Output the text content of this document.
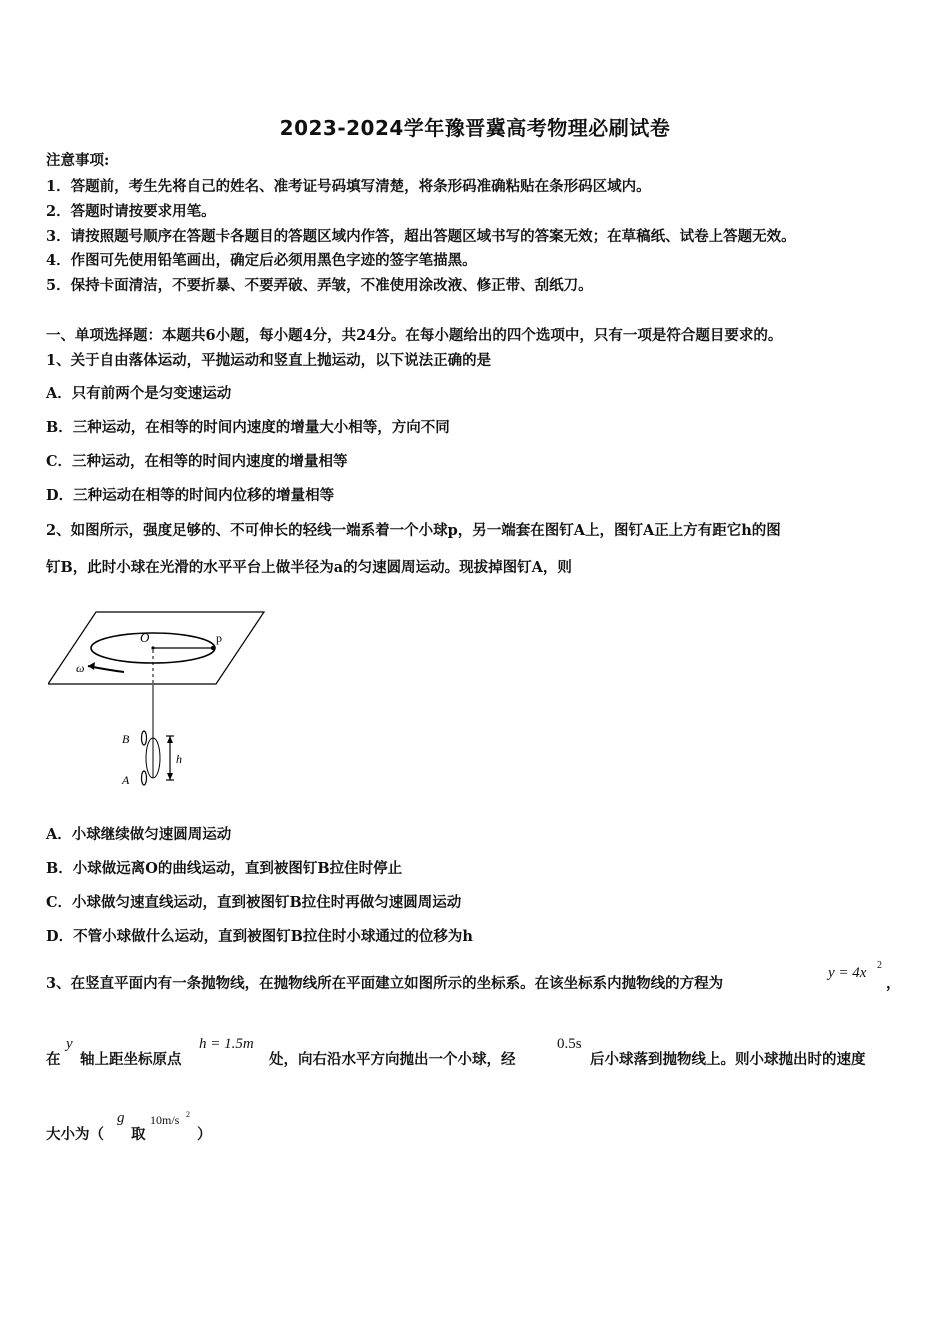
2023-2024学年豫晋冀高考物理必刷试卷
注意事项:
1．答题前，考生先将自己的姓名、准考证号码填写清楚，将条形码准确粘贴在条形码区域内。
2．答题时请按要求用笔。
3．请按照题号顺序在答题卡各题目的答题区域内作答，超出答题区域书写的答案无效；在草稿纸、试卷上答题无效。
4．作图可先使用铅笔画出，确定后必须用黑色字迹的签字笔描黑。
5．保持卡面清洁，不要折暴、不要弄破、弄皱，不准使用涂改液、修正带、刮纸刀。
一、单项选择题：本题共6小题，每小题4分，共24分。在每小题给出的四个选项中，只有一项是符合题目要求的。
1、关于自由落体运动，平抛运动和竖直上抛运动，以下说法正确的是
A．只有前两个是匀变速运动
B．三种运动，在相等的时间内速度的增量大小相等，方向不同
C．三种运动，在相等的时间内速度的增量相等
D．三种运动在相等的时间内位移的增量相等
2、如图所示，强度足够的、不可伸长的轻线一端系着一个小球p，另一端套在图钉A上，图钉A正上方有距它h的图
钉B，此时小球在光滑的水平平台上做半径为a的匀速圆周运动。现拔掉图钉A，则
O	p
ω
B
A
h
A．小球继续做匀速圆周运动
B．小球做远离O的曲线运动，直到被图钉B拉住时停止
C．小球做匀速直线运动，直到被图钉B拉住时再做匀速圆周运动
D．不管小球做什么运动，直到被图钉B拉住时小球通过的位移为h
3、在竖直平面内有一条抛物线，在抛物线所在平面建立如图所示的坐标系。在该坐标系内抛物线的方程为
y = 4x 2
，
在
y
轴上距坐标原点
h = 1.5m
处，向右沿水平方向抛出一个小球，经
0.5s
后小球落到抛物线上。则小球抛出时的速度
大小为（
g
取
10m/s 2
）
